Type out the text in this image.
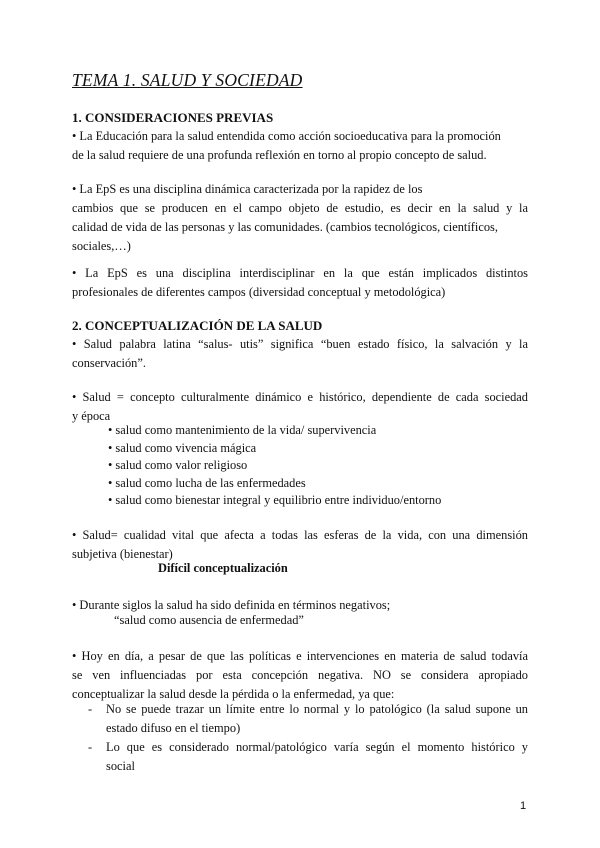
TEMA 1. SALUD Y SOCIEDAD
1. CONSIDERACIONES PREVIAS

• La Educación para la salud entendida como acción socioeducativa para la promoción
de la salud requiere de una profunda reflexión en torno al propio concepto de salud.

• La EpS es una disciplina dinámica caracterizada por la rapidez de los
cambios que se producen en el campo objeto de estudio, es decir en la salud y la
calidad de vida de las personas y las comunidades. (cambios tecnológicos, científicos,
sociales,…)

• La EpS es una disciplina interdisciplinar en la que están implicados distintos
profesionales de diferentes campos (diversidad conceptual y metodológica)

2. CONCEPTUALIZACIÓN DE LA SALUD

• Salud palabra latina “salus- utis” significa “buen estado físico, la salvación y la
conservación”.

• Salud = concepto culturalmente dinámico e histórico, dependiente de cada sociedad
y época

• salud como mantenimiento de la vida/ supervivencia
• salud como vivencia mágica
• salud como valor religioso
• salud como lucha de las enfermedades
• salud como bienestar integral y equilibrio entre individuo/entorno

• Salud= cualidad vital que afecta a todas las esferas de la vida, con una dimensión
subjetiva (bienestar)

Difícil conceptualización

• Durante siglos la salud ha sido definida en términos negativos;

“salud como ausencia de enfermedad”

• Hoy en día, a pesar de que las políticas e intervenciones en materia de salud todavía
se ven influenciadas por esta concepción negativa. NO se considera apropiado
conceptualizar la salud desde la pérdida o la enfermedad, ya que:

- No se puede trazar un límite entre lo normal y lo patológico (la salud supone un
estado difuso en el tiempo)
- Lo que es considerado normal/patológico varía según el momento histórico y
social
1
